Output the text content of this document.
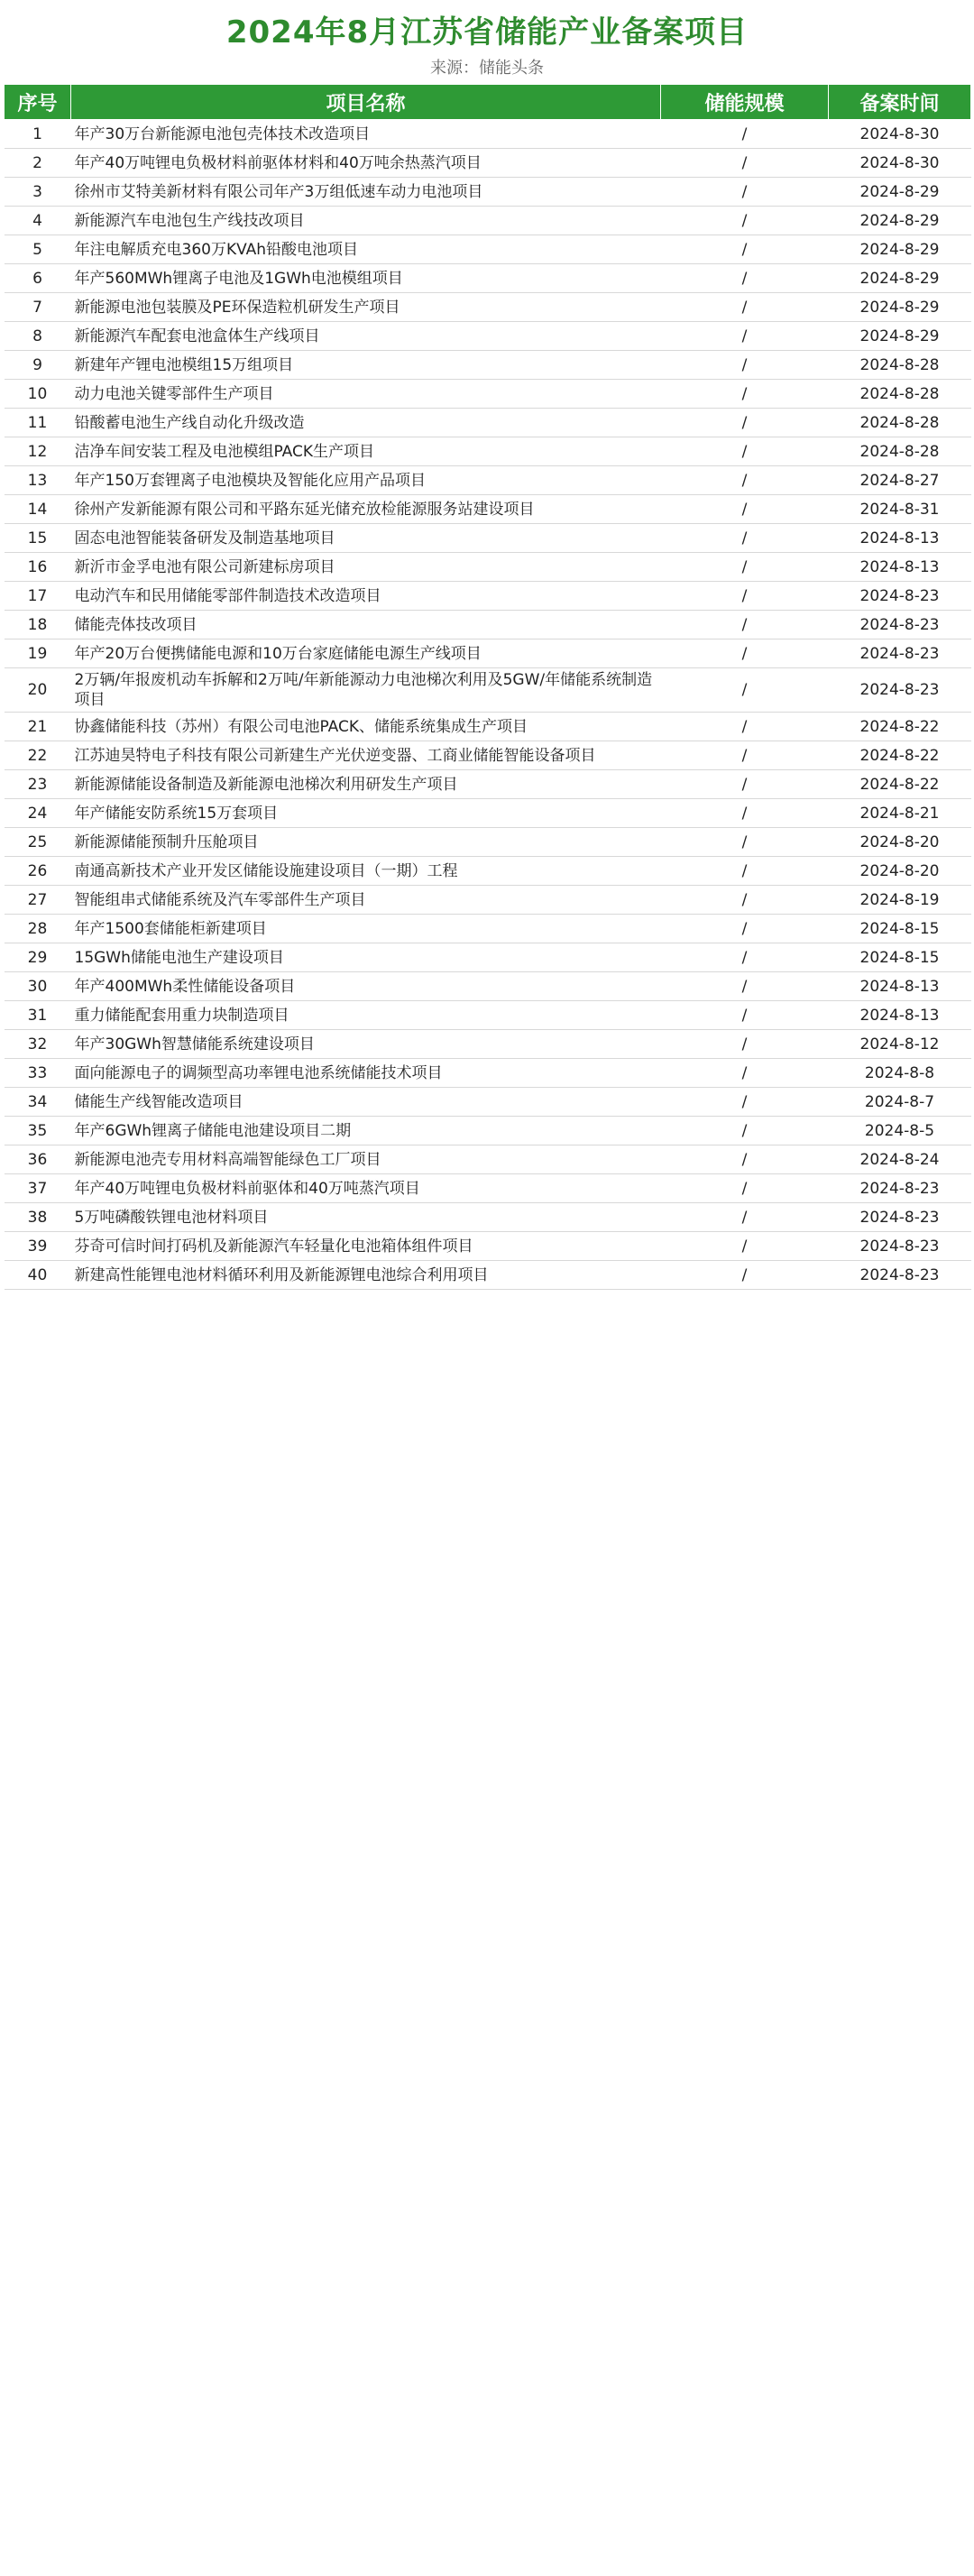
2024年8月江苏省储能产业备案项目
来源：储能头条
序号	项目名称	储能规模	备案时间
1	年产30万台新能源电池包壳体技术改造项目	/	2024-8-30
2	年产40万吨锂电负极材料前驱体材料和40万吨余热蒸汽项目	/	2024-8-30
3	徐州市艾特美新材料有限公司年产3万组低速车动力电池项目	/	2024-8-29
4	新能源汽车电池包生产线技改项目	/	2024-8-29
5	年注电解质充电360万KVAh铅酸电池项目	/	2024-8-29
6	年产560MWh锂离子电池及1GWh电池模组项目	/	2024-8-29
7	新能源电池包装膜及PE环保造粒机研发生产项目	/	2024-8-29
8	新能源汽车配套电池盒体生产线项目	/	2024-8-29
9	新建年产锂电池模组15万组项目	/	2024-8-28
10	动力电池关键零部件生产项目	/	2024-8-28
11	铅酸蓄电池生产线自动化升级改造	/	2024-8-28
12	洁净车间安装工程及电池模组PACK生产项目	/	2024-8-28
13	年产150万套锂离子电池模块及智能化应用产品项目	/	2024-8-27
14	徐州产发新能源有限公司和平路东延光储充放检能源服务站建设项目	/	2024-8-31
15	固态电池智能装备研发及制造基地项目	/	2024-8-13
16	新沂市金孚电池有限公司新建标房项目	/	2024-8-13
17	电动汽车和民用储能零部件制造技术改造项目	/	2024-8-23
18	储能壳体技改项目	/	2024-8-23
19	年产20万台便携储能电源和10万台家庭储能电源生产线项目	/	2024-8-23
20	2万辆/年报废机动车拆解和2万吨/年新能源动力电池梯次利用及5GW/年储能系统制造项目	/	2024-8-23
21	协鑫储能科技（苏州）有限公司电池PACK、储能系统集成生产项目	/	2024-8-22
22	江苏迪昊特电子科技有限公司新建生产光伏逆变器、工商业储能智能设备项目	/	2024-8-22
23	新能源储能设备制造及新能源电池梯次利用研发生产项目	/	2024-8-22
24	年产储能安防系统15万套项目	/	2024-8-21
25	新能源储能预制升压舱项目	/	2024-8-20
26	南通高新技术产业开发区储能设施建设项目（一期）工程	/	2024-8-20
27	智能组串式储能系统及汽车零部件生产项目	/	2024-8-19
28	年产1500套储能柜新建项目	/	2024-8-15
29	15GWh储能电池生产建设项目	/	2024-8-15
30	年产400MWh柔性储能设备项目	/	2024-8-13
31	重力储能配套用重力块制造项目	/	2024-8-13
32	年产30GWh智慧储能系统建设项目	/	2024-8-12
33	面向能源电子的调频型高功率锂电池系统储能技术项目	/	2024-8-8
34	储能生产线智能改造项目	/	2024-8-7
35	年产6GWh锂离子储能电池建设项目二期	/	2024-8-5
36	新能源电池壳专用材料高端智能绿色工厂项目	/	2024-8-24
37	年产40万吨锂电负极材料前驱体和40万吨蒸汽项目	/	2024-8-23
38	5万吨磷酸铁锂电池材料项目	/	2024-8-23
39	芬奇可信时间打码机及新能源汽车轻量化电池箱体组件项目	/	2024-8-23
40	新建高性能锂电池材料循环利用及新能源锂电池综合利用项目	/	2024-8-23
